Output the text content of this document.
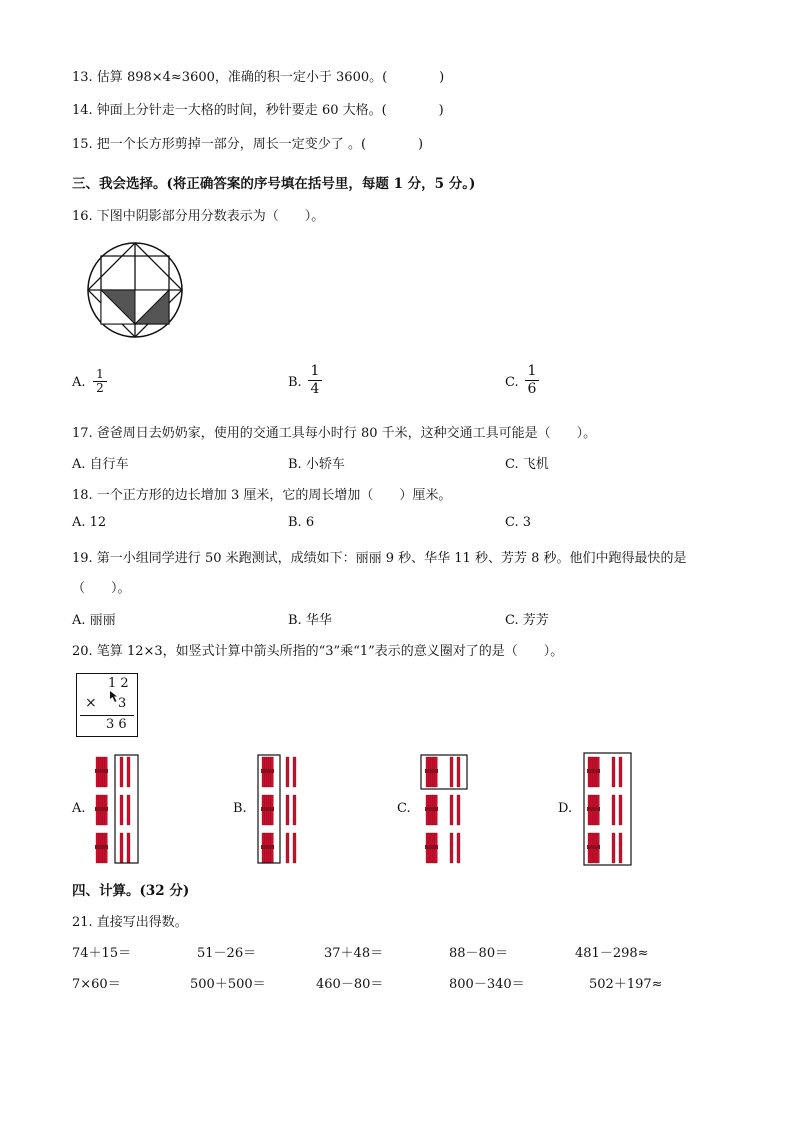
13. 估算 898×4≈3600，准确的积一定小于 3600。(　　　　)
14. 钟面上分针走一大格的时间，秒针要走 60 大格。(　　　　)
15. 把一个长方形剪掉一部分，周长一定变少了 。(　　　　)
三、我会选择。(将正确答案的序号填在括号里，每题 1 分，5 分。)
16. 下图中阴影部分用分数表示为（　　）。
A. $\frac{1}{2}$	B. $\frac{1}{4}$	C. $\frac{1}{6}$
17. 爸爸周日去奶奶家，使用的交通工具每小时行 80 千米，这种交通工具可能是（　　）。
A. 自行车	B. 小轿车	C. 飞机
18. 一个正方形的边长增加 3 厘米，它的周长增加（　　）厘米。
A. 12	B. 6	C. 3
19. 第一小组同学进行 50 米跑测试，成绩如下：丽丽 9 秒、华华 11 秒、芳芳 8 秒。他们中跑得最快的是
（　　）。
A. 丽丽	B. 华华	C. 芳芳
20. 笔算 12×3，如竖式计算中箭头所指的“3”乘“1”表示的意义圈对了的是（　　）。
1 2
× 3
3 6
A.	B.	C.	D.
四、计算。(32 分)
21. 直接写出得数。
74＋15＝	51－26＝	37＋48＝	88－80＝	481－298≈
7×60＝	500＋500＝	460－80＝	800－340＝	502＋197≈
